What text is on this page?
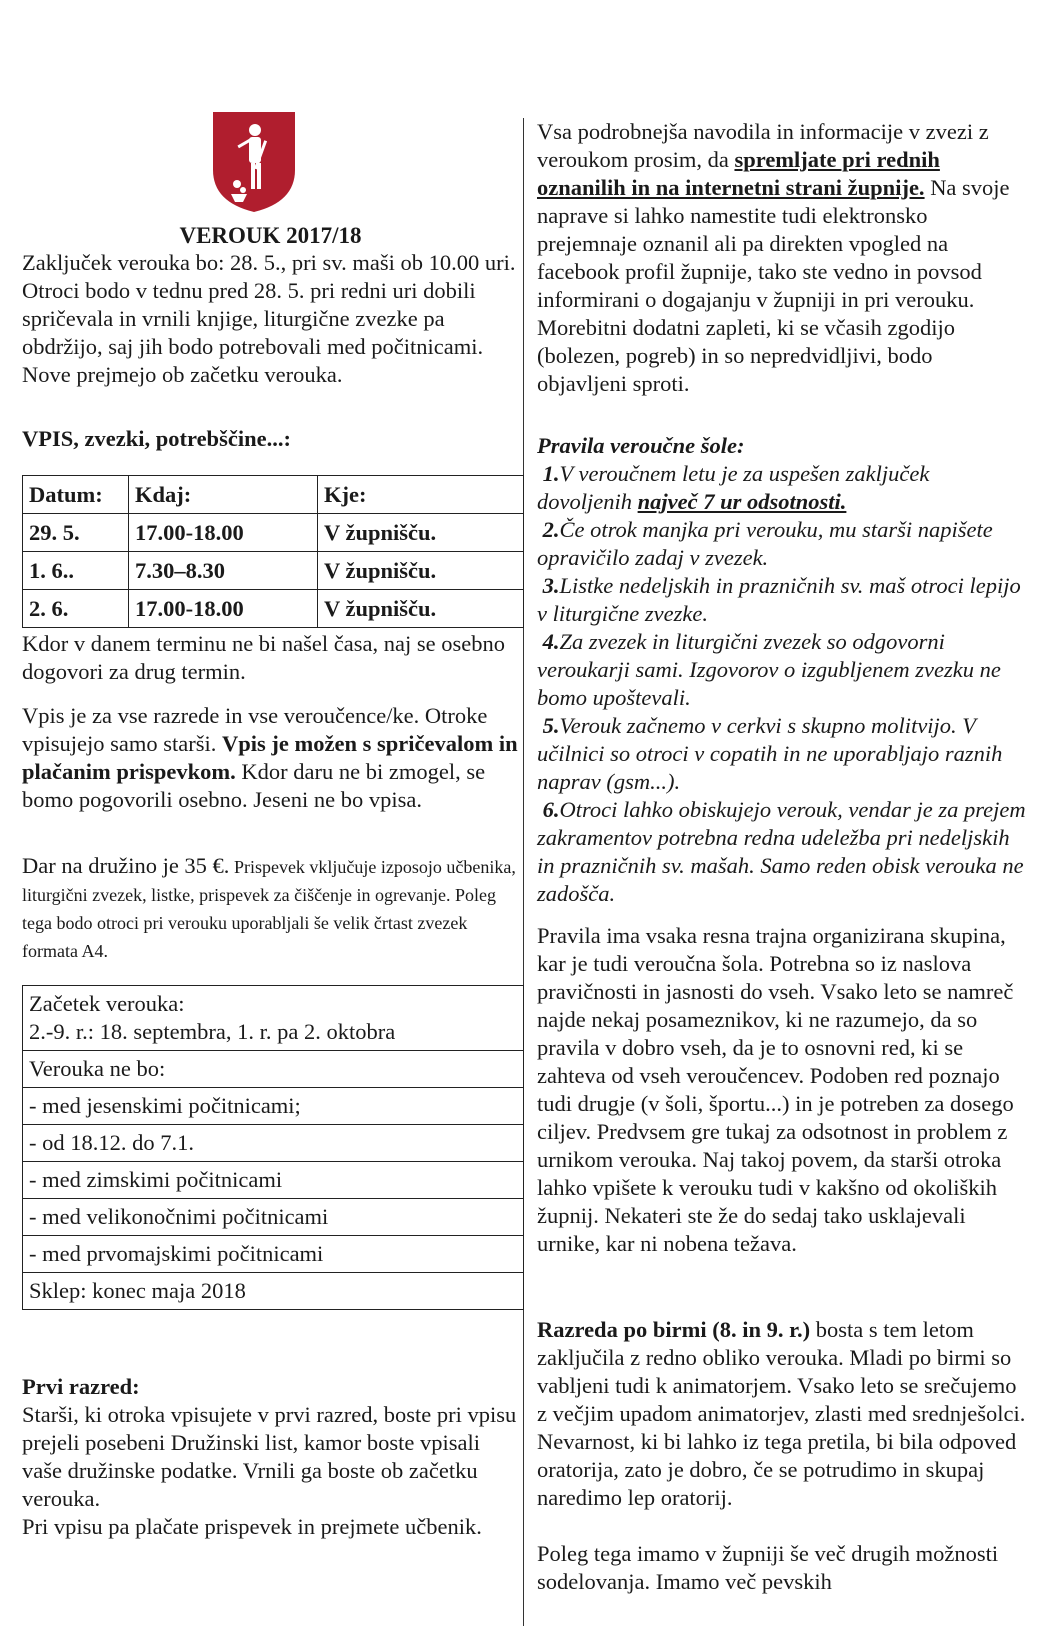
VEROUK 2017/18
Zaključek verouka bo: 28. 5., pri sv. maši ob 10.00 uri. Otroci bodo v tednu pred 28. 5. pri redni uri dobili spričevala in vrnili knjige, liturgične zvezke pa obdržijo, saj jih bodo potrebovali med počitnicami. Nove prejmejo ob začetku verouka.
VPIS, zvezki, potrebščine...:
Datum:	Kdaj:	Kje:
29. 5.	17.00-18.00	V župnišču.
1. 6..	7.30–8.30	V župnišču.
2. 6.	17.00-18.00	V župnišču.
Kdor v danem terminu ne bi našel časa, naj se osebno dogovori za drug termin.
Vpis je za vse razrede in vse veroučence/ke. Otroke vpisujejo samo starši. Vpis je možen s spričevalom in plačanim prispevkom. Kdor daru ne bi zmogel, se bomo pogovorili osebno. Jeseni ne bo vpisa.
Dar na družino je 35 €. Prispevek vključuje izposojo učbenika, liturgični zvezek, listke, prispevek za čiščenje in ogrevanje. Poleg tega bodo otroci pri verouku uporabljali še velik črtast zvezek formata A4.
Začetek verouka:
2.-9. r.: 18. septembra, 1. r. pa 2. oktobra

Verouka ne bo:
- med jesenskimi počitnicami;
- od 18.12. do 7.1.
- med zimskimi počitnicami
- med velikonočnimi počitnicami
- med prvomajskimi počitnicami
Sklep: konec maja 2018
Prvi razred:
Starši, ki otroka vpisujete v prvi razred, boste pri vpisu prejeli posebeni Družinski list, kamor boste vpisali vaše družinske podatke. Vrnili ga boste ob začetku verouka.
Pri vpisu pa plačate prispevek in prejmete učbenik.
Vsa podrobnejša navodila in informacije v zvezi z veroukom prosim, da spremljate pri rednih oznanilih in na internetni strani župnije. Na svoje naprave si lahko namestite tudi elektronsko prejemnaje oznanil ali pa direkten vpogled na facebook profil župnije, tako ste vedno in povsod informirani o dogajanju v župniji in pri verouku. Morebitni dodatni zapleti, ki se včasih zgodijo (bolezen, pogreb) in so nepredvidljivi, bodo objavljeni sproti.
Pravila veroučne šole:
1.V veroučnem letu je za uspešen zaključek dovoljenih največ 7 ur odsotnosti.
2.Če otrok manjka pri verouku, mu starši napišete opravičilo zadaj v zvezek.
3.Listke nedeljskih in prazničnih sv. maš otroci lepijo v liturgične zvezke.
4.Za zvezek in liturgični zvezek so odgovorni veroukarji sami. Izgovorov o izgubljenem zvezku ne bomo upoštevali.
5.Verouk začnemo v cerkvi s skupno molitvijo. V učilnici so otroci v copatih in ne uporabljajo raznih naprav (gsm...).
6.Otroci lahko obiskujejo verouk, vendar je za prejem zakramentov potrebna redna udeležba pri nedeljskih in prazničnih sv. mašah. Samo reden obisk verouka ne zadošča.
Pravila ima vsaka resna trajna organizirana skupina, kar je tudi veroučna šola. Potrebna so iz naslova pravičnosti in jasnosti do vseh. Vsako leto se namreč najde nekaj posameznikov, ki ne razumejo, da so pravila v dobro vseh, da je to osnovni red, ki se zahteva od vseh veroučencev. Podoben red poznajo tudi drugje (v šoli, športu...) in je potreben za dosego ciljev. Predvsem gre tukaj za odsotnost in problem z urnikom verouka. Naj takoj povem, da starši otroka lahko vpišete k verouku tudi v kakšno od okoliških župnij. Nekateri ste že do sedaj tako usklajevali urnike, kar ni nobena težava.
Razreda po birmi (8. in 9. r.) bosta s tem letom zaključila z redno obliko verouka. Mladi po birmi so vabljeni tudi k animatorjem. Vsako leto se srečujemo z večjim upadom animatorjev, zlasti med srednješolci. Nevarnost, ki bi lahko iz tega pretila, bi bila odpoved oratorija, zato je dobro, če se potrudimo in skupaj naredimo lep oratorij.
Poleg tega imamo v župniji še več drugih možnosti sodelovanja. Imamo več pevskih
